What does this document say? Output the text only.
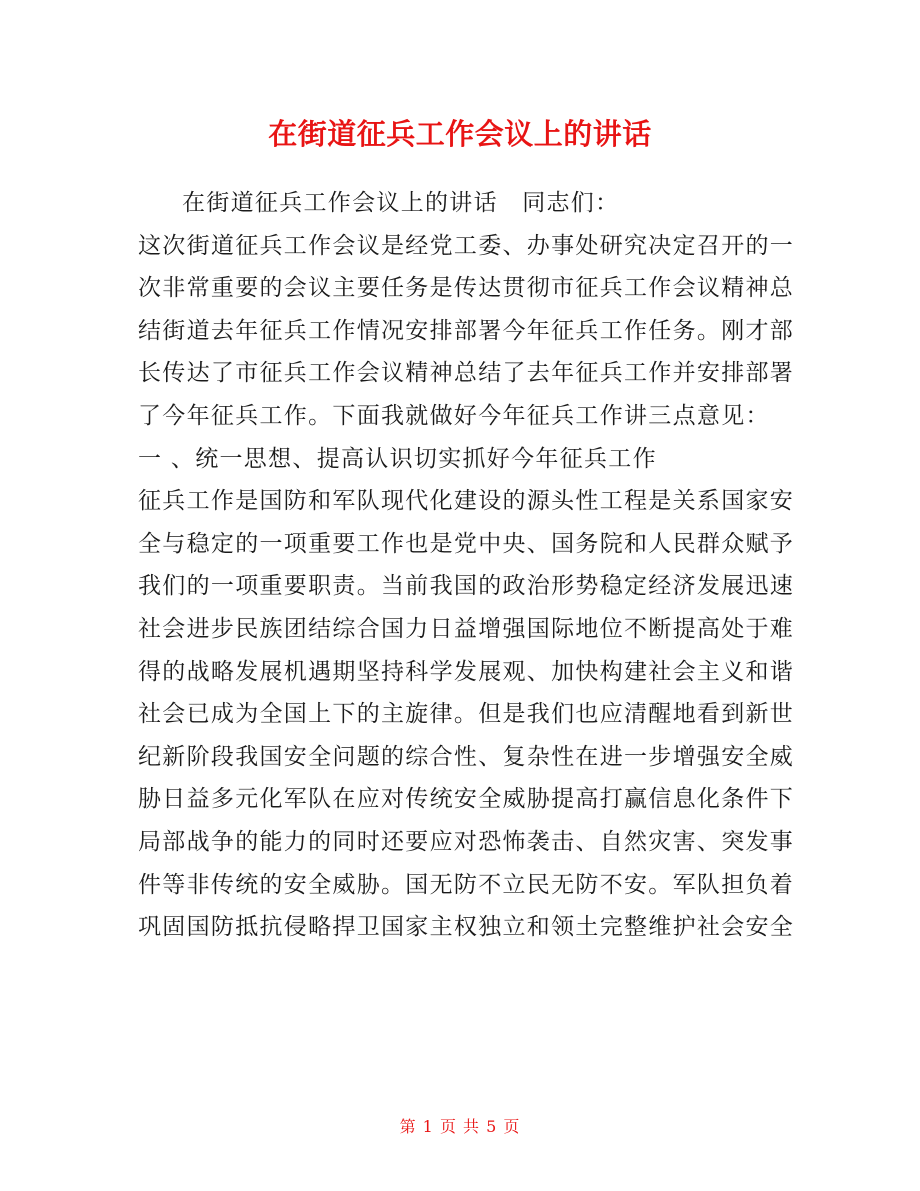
在街道征兵工作会议上的讲话
在街道征兵工作会议上的讲话　同志们：
这次街道征兵工作会议是经党工委、办事处研究决定召开的一
次非常重要的会议主要任务是传达贯彻市征兵工作会议精神总
结街道去年征兵工作情况安排部署今年征兵工作任务。刚才部
长传达了市征兵工作会议精神总结了去年征兵工作并安排部署
了今年征兵工作。下面我就做好今年征兵工作讲三点意见：
一 、统一思想、提高认识切实抓好今年征兵工作
征兵工作是国防和军队现代化建设的源头性工程是关系国家安
全与稳定的一项重要工作也是党中央、国务院和人民群众赋予
我们的一项重要职责。当前我国的政治形势稳定经济发展迅速
社会进步民族团结综合国力日益增强国际地位不断提高处于难
得的战略发展机遇期坚持科学发展观、加快构建社会主义和谐
社会已成为全国上下的主旋律。但是我们也应清醒地看到新世
纪新阶段我国安全问题的综合性、复杂性在进一步增强安全威
胁日益多元化军队在应对传统安全威胁提高打赢信息化条件下
局部战争的能力的同时还要应对恐怖袭击、自然灾害、突发事
件等非传统的安全威胁。国无防不立民无防不安。军队担负着
巩固国防抵抗侵略捍卫国家主权独立和领土完整维护社会安全
第 1 页 共 5 页
